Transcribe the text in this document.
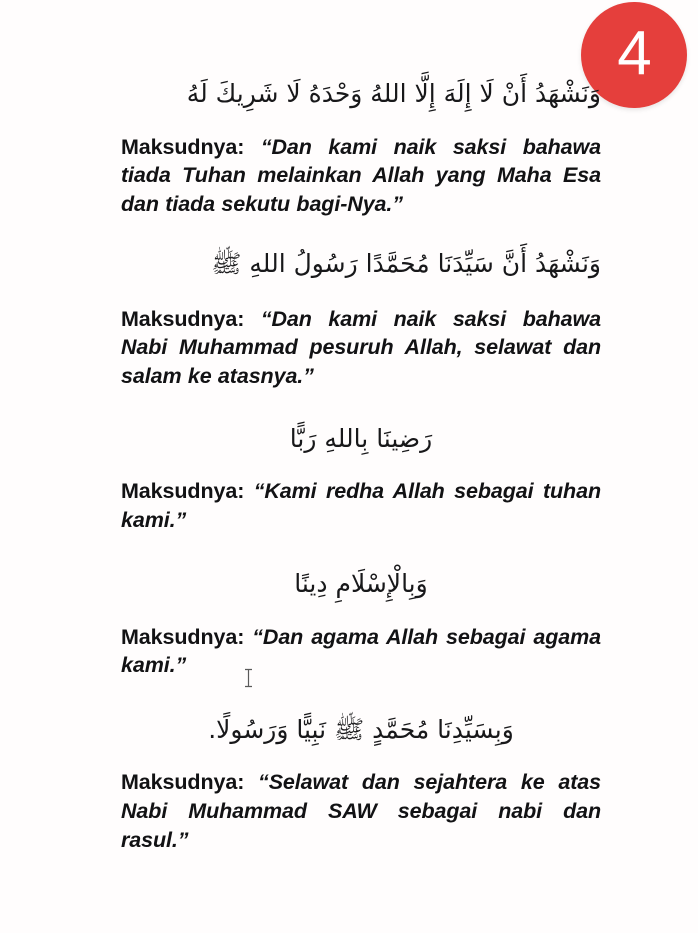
4
وَنَشْهَدُ أَنْ لَا إِلَهَ إِلَّا اللهُ وَحْدَهُ لَا شَرِيكَ لَهُ
Maksudnya: “Dan kami naik saksi bahawa tiada Tuhan melainkan Allah yang Maha Esa dan tiada sekutu bagi-Nya.”
وَنَشْهَدُ أَنَّ سَيِّدَنَا مُحَمَّدًا رَسُولُ اللهِ ﷺ
Maksudnya: “Dan kami naik saksi bahawa Nabi Muhammad pesuruh Allah, selawat dan salam ke atasnya.”
رَضِينَا بِاللهِ رَبًّا
Maksudnya: “Kami redha Allah sebagai tuhan kami.”
وَبِالْإِسْلَامِ دِينًا
Maksudnya: “Dan agama Allah sebagai agama kami.”
وَبِسَيِّدِنَا مُحَمَّدٍ ﷺ نَبِيًّا وَرَسُولًا.
Maksudnya: “Selawat dan sejahtera ke atas Nabi Muhammad SAW sebagai nabi dan rasul.”
